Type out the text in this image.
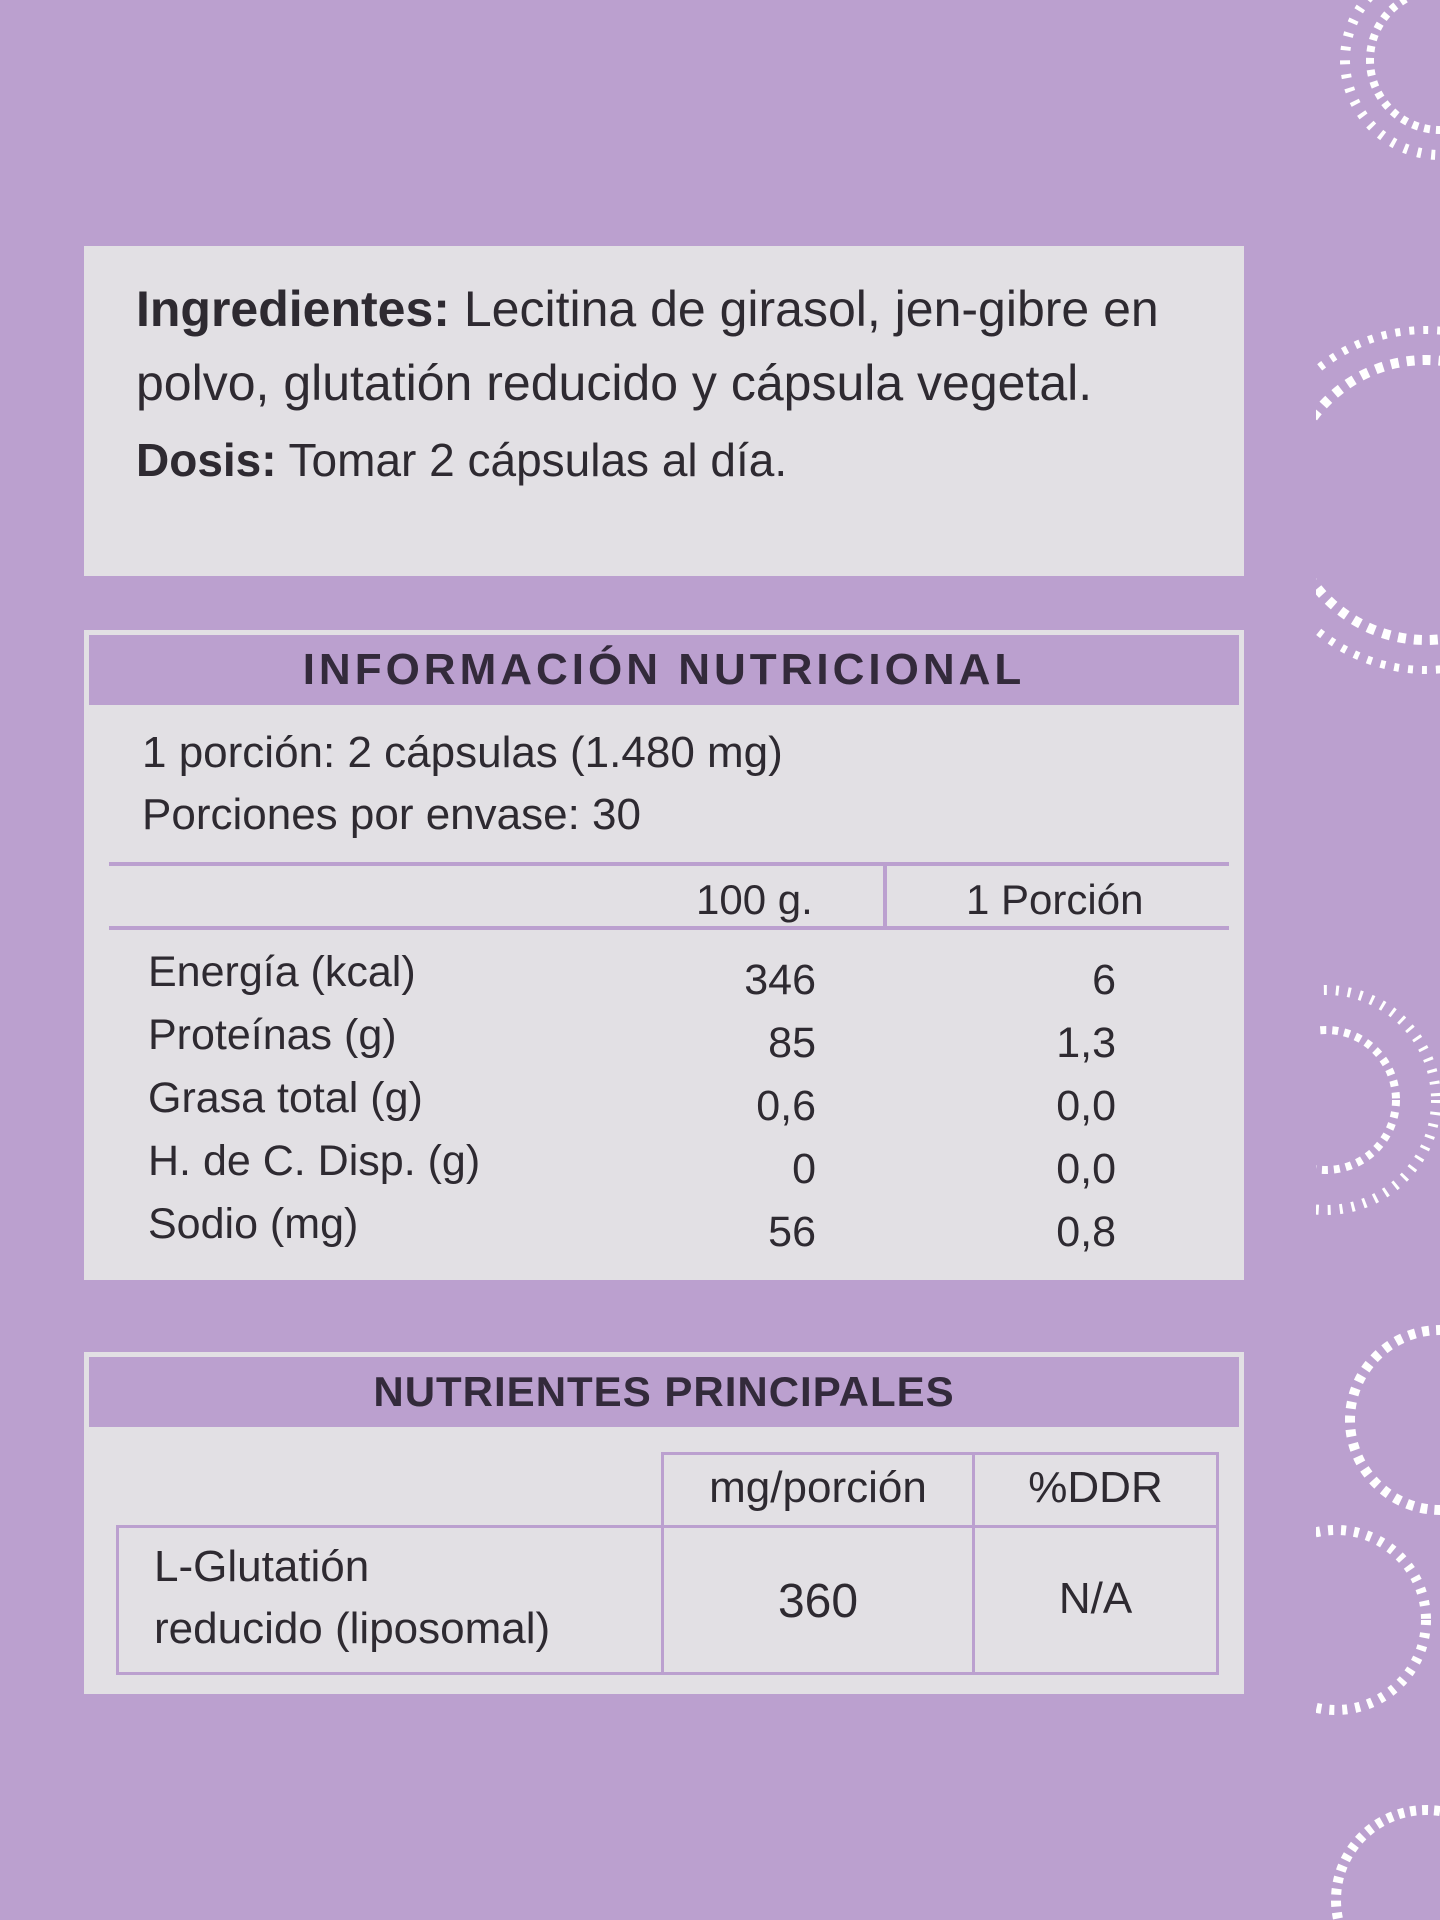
Ingredientes: Lecitina de girasol, jen-gibre en polvo, glutatión reducido y cápsula vegetal.
Dosis: Tomar 2 cápsulas al día.
INFORMACIÓN NUTRICIONAL
1 porción: 2 cápsulas (1.480 mg)
Porciones por envase: 30
100 g.	1 Porción
Energía (kcal)	346	6
Proteínas (g)	85	1,3
Grasa total (g)	0,6	0,0
H. de C. Disp. (g)	0	0,0
Sodio (mg)	56	0,8
NUTRIENTES PRINCIPALES
mg/porción	%DDR
L-Glutatión
reducido (liposomal)
360	N/A
